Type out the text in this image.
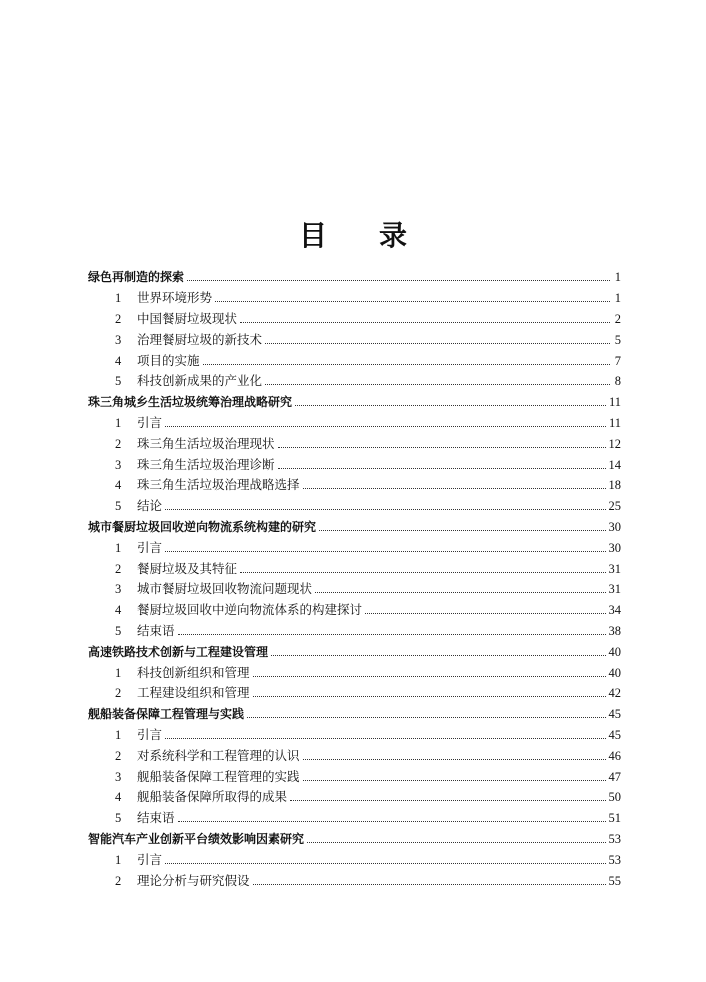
目 录
绿色再制造的探索	1
1	世界环境形势	1
2	中国餐厨垃圾现状	2
3	治理餐厨垃圾的新技术	5
4	项目的实施	7
5	科技创新成果的产业化	8
珠三角城乡生活垃圾统筹治理战略研究	11
1	引言	11
2	珠三角生活垃圾治理现状	12
3	珠三角生活垃圾治理诊断	14
4	珠三角生活垃圾治理战略选择	18
5	结论	25
城市餐厨垃圾回收逆向物流系统构建的研究	30
1	引言	30
2	餐厨垃圾及其特征	31
3	城市餐厨垃圾回收物流问题现状	31
4	餐厨垃圾回收中逆向物流体系的构建探讨	34
5	结束语	38
高速铁路技术创新与工程建设管理	40
1	科技创新组织和管理	40
2	工程建设组织和管理	42
舰船装备保障工程管理与实践	45
1	引言	45
2	对系统科学和工程管理的认识	46
3	舰船装备保障工程管理的实践	47
4	舰船装备保障所取得的成果	50
5	结束语	51
智能汽车产业创新平台绩效影响因素研究	53
1	引言	53
2	理论分析与研究假设	55
